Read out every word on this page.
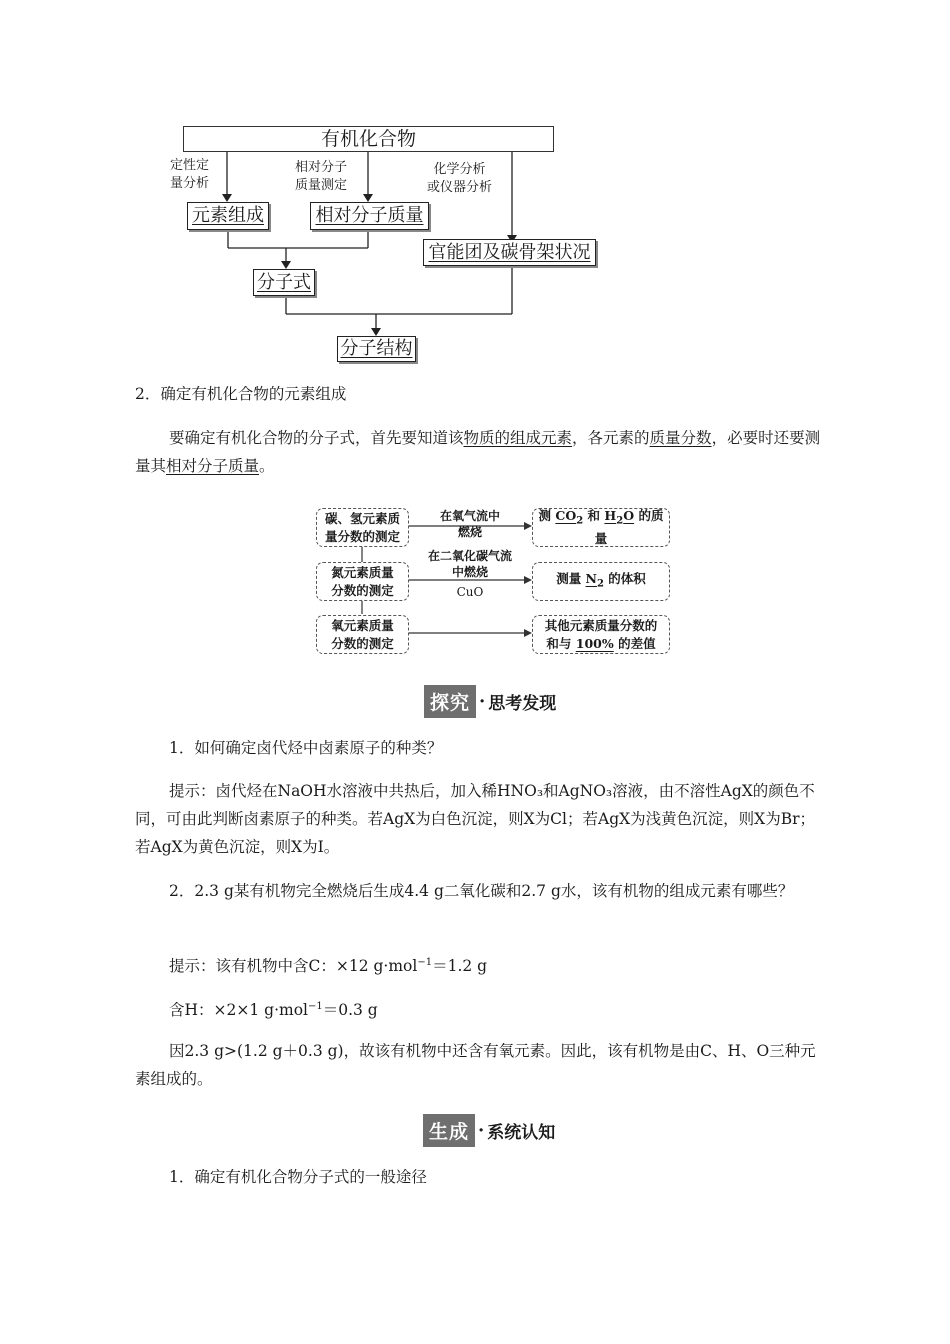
有机化合物
定性定
量分析
相对分子
质量测定
化学分析
或仪器分析
元素组成	相对分子质量
官能团及碳骨架状况
分子式
分子结构
2．确定有机化合物的元素组成
要确定有机化合物的分子式，首先要知道该物质的组成元素，各元素的质量分数，必要时还要测量其相对分子质量。
碳、氢元素质
量分数的测定
氮元素质量
分数的测定
氧元素质量
分数的测定
在氧气流中
燃烧
在二氧化碳气流
中燃烧
CuO
测 $CO_2$ 和 $H_2O$ 的质量
测量 $N_2$ 的体积
其他元素质量分数的
和与 100% 的差值
探究 · 思考发现
1．如何确定卤代烃中卤素原子的种类？
提示：卤代烃在NaOH水溶液中共热后，加入稀HNO₃和AgNO₃溶液，由不溶性AgX的颜色不同，可由此判断卤素原子的种类。若AgX为白色沉淀，则X为Cl；若AgX为浅黄色沉淀，则X为Br；若AgX为黄色沉淀，则X为I。
2．2.3 g某有机物完全燃烧后生成4.4 g二氧化碳和2.7 g水，该有机物的组成元素有哪些？
提示：该有机物中含C：×12 g·mol$^{-1}$＝1.2 g
含H：×2×1 g·mol$^{-1}$＝0.3 g
因2.3 g>(1.2 g＋0.3 g)，故该有机物中还含有氧元素。因此，该有机物是由C、H、O三种元素组成的。
生成 · 系统认知
1．确定有机化合物分子式的一般途径
